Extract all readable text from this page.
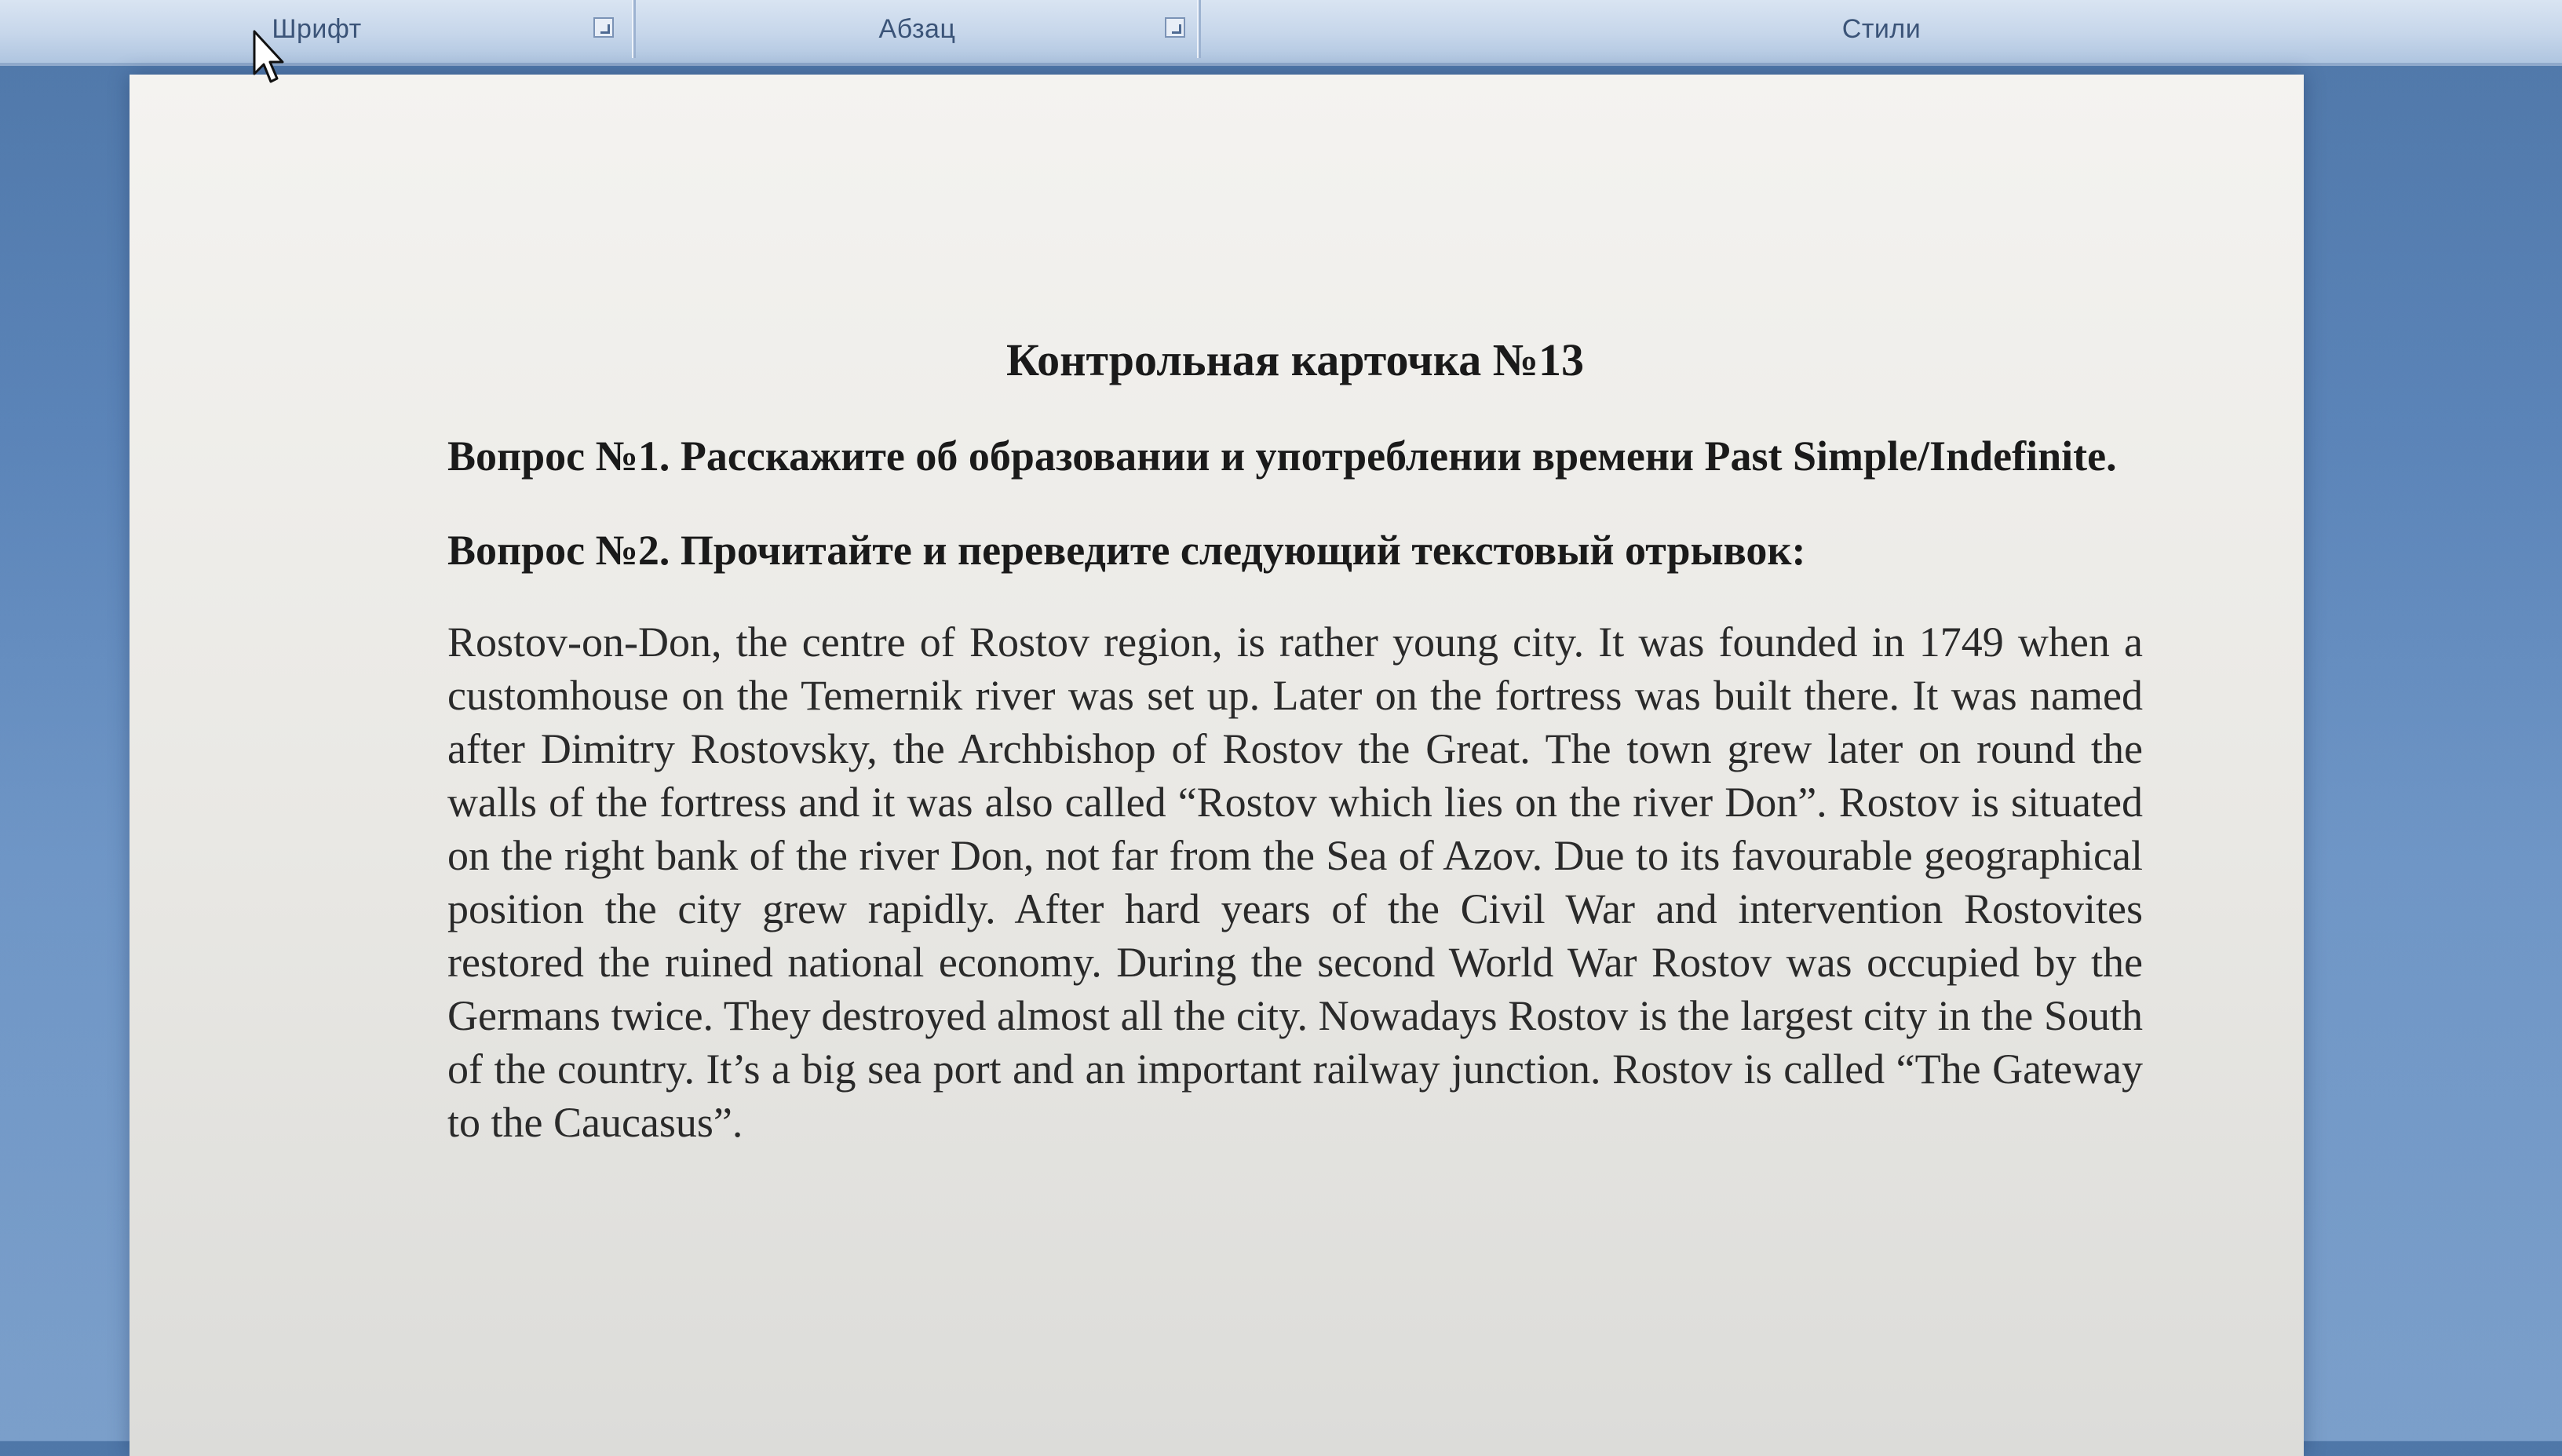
Шрифт	Абзац	Стили

Контрольная карточка №13

Вопрос №1. Расскажите об образовании и употреблении времени Past Simple/Indefinite.

Вопрос №2. Прочитайте и переведите следующий текстовый отрывок:

Rostov-on-Don, the centre of Rostov region, is rather young city. It was founded in 1749 when a customhouse on the Temernik river was set up. Later on the fortress was built there. It was named after Dimitry Rostovsky, the Archbishop of Rostov the Great. The town grew later on round the walls of the fortress and it was also called “Rostov which lies on the river Don”. Rostov is situated on the right bank of the river Don, not far from the Sea of Azov. Due to its favourable geographical position the city grew rapidly. After hard years of the Civil War and intervention Rostovites restored the ruined national economy. During the second World War Rostov was occupied by the Germans twice. They destroyed almost all the city. Nowadays Rostov is the largest city in the South of the country. It’s a big sea port and an important railway junction. Rostov is called “The Gateway to the Caucasus”.
